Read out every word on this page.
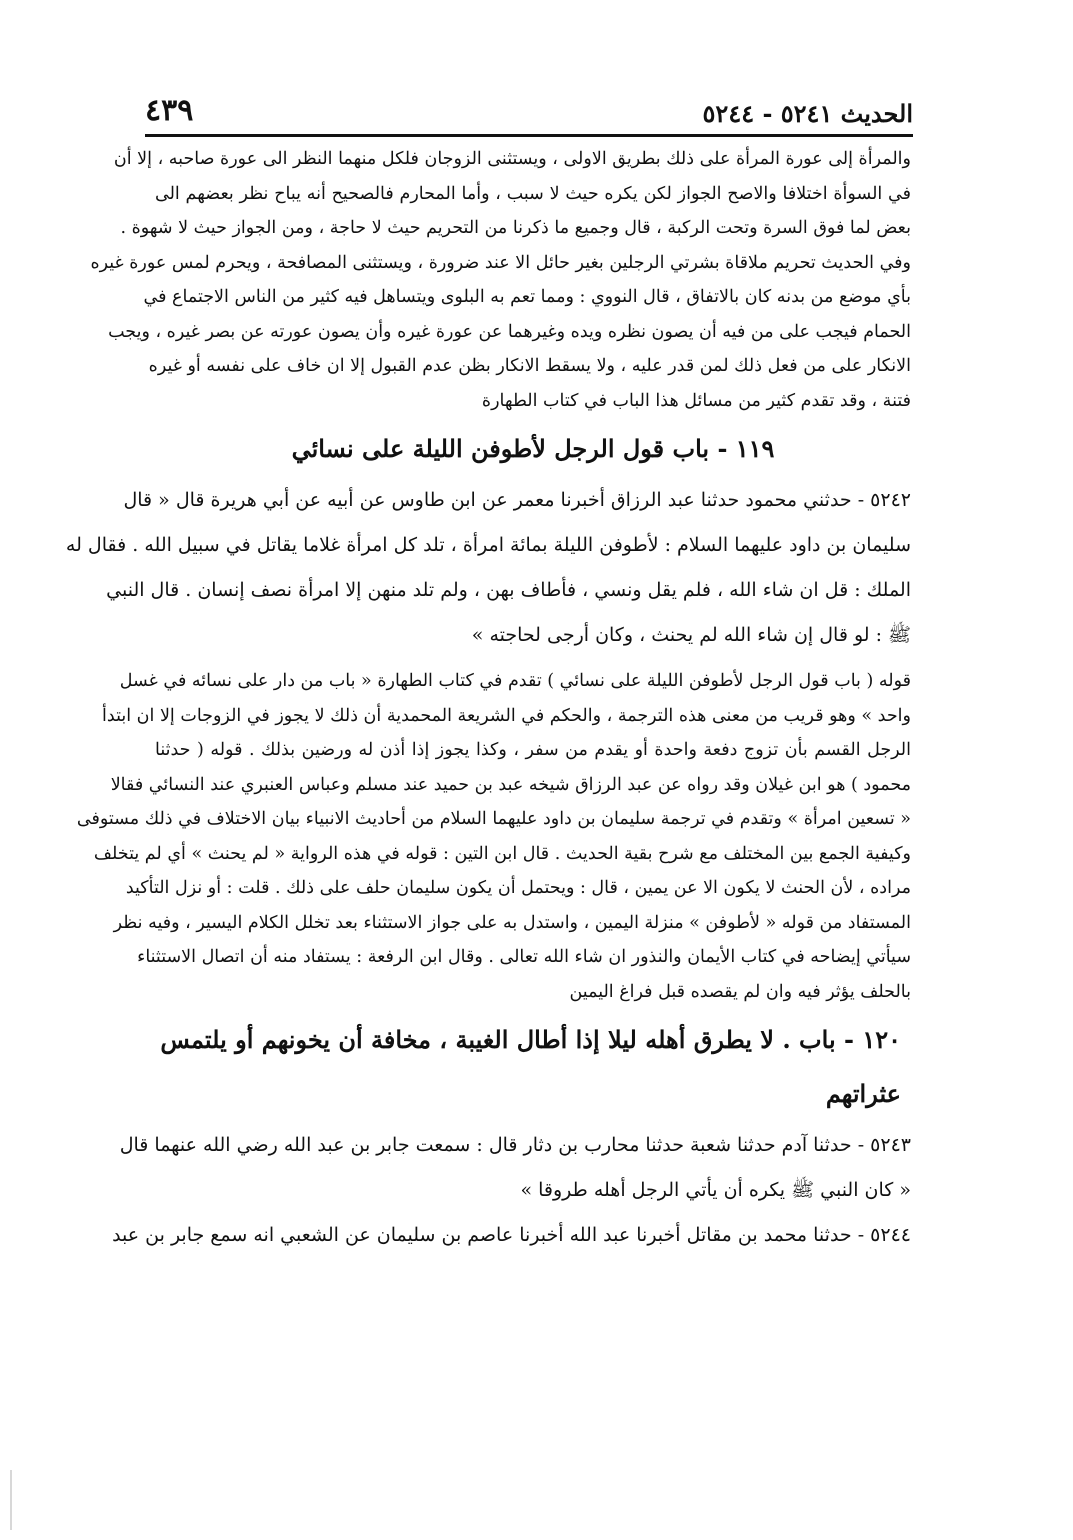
٤٣٩	الحديث ٥٢٤١ - ٥٢٤٤
والمرأة إلى عورة المرأة على ذلك بطريق الاولى ، ويستثنى الزوجان فلكل منهما النظر الى عورة صاحبه ، إلا أن
في السوأة اختلافا والاصح الجواز لكن يكره حيث لا سبب ، وأما المحارم فالصحيح أنه يباح نظر بعضهم الى
بعض لما فوق السرة وتحت الركبة ، قال وجميع ما ذكرنا من التحريم حيث لا حاجة ، ومن الجواز حيث لا شهوة .
وفي الحديث تحريم ملاقاة بشرتي الرجلين بغير حائل الا عند ضرورة ، ويستثنى المصافحة ، ويحرم لمس عورة غيره
بأي موضع من بدنه كان بالاتفاق ، قال النووي : ومما تعم به البلوى ويتساهل فيه كثير من الناس الاجتماع في
الحمام فيجب على من فيه أن يصون نظره ويده وغيرهما عن عورة غيره وأن يصون عورته عن بصر غيره ، ويجب
الانكار على من فعل ذلك لمن قدر عليه ، ولا يسقط الانكار بظن عدم القبول إلا ان خاف على نفسه أو غيره
فتنة ، وقد تقدم كثير من مسائل هذا الباب في كتاب الطهارة
١١٩ - باب قول الرجل لأطوفن الليلة على نسائي
٥٢٤٢ - حدثني محمود حدثنا عبد الرزاق أخبرنا معمر عن ابن طاوس عن أبيه عن أبي هريرة قال « قال
سليمان بن داود عليهما السلام : لأطوفن الليلة بمائة امرأة ، تلد كل امرأة غلاما يقاتل في سبيل الله . فقال له
الملك : قل ان شاء الله ، فلم يقل ونسي ، فأطاف بهن ، ولم تلد منهن إلا امرأة نصف إنسان . قال النبي
ﷺ : لو قال إن شاء الله لم يحنث ، وكان أرجى لحاجته »
قوله ( باب قول الرجل لأطوفن الليلة على نسائي ) تقدم في كتاب الطهارة « باب من دار على نسائه في غسل
واحد » وهو قريب من معنى هذه الترجمة ، والحكم في الشريعة المحمدية أن ذلك لا يجوز في الزوجات إلا ان ابتدأ
الرجل القسم بأن تزوج دفعة واحدة أو يقدم من سفر ، وكذا يجوز إذا أذن له ورضين بذلك . قوله ( حدثنا
محمود ) هو ابن غيلان وقد رواه عن عبد الرزاق شيخه عبد بن حميد عند مسلم وعباس العنبري عند النسائي فقالا
« تسعين امرأة » وتقدم في ترجمة سليمان بن داود عليهما السلام من أحاديث الانبياء بيان الاختلاف في ذلك مستوفى
وكيفية الجمع بين المختلف مع شرح بقية الحديث . قال ابن التين : قوله في هذه الرواية « لم يحنث » أي لم يتخلف
مراده ، لأن الحنث لا يكون الا عن يمين ، قال : ويحتمل أن يكون سليمان حلف على ذلك . قلت : أو نزل التأكيد
المستفاد من قوله « لأطوفن » منزلة اليمين ، واستدل به على جواز الاستثناء بعد تخلل الكلام اليسير ، وفيه نظر
سيأتي إيضاحه في كتاب الأيمان والنذور ان شاء الله تعالى . وقال ابن الرفعة : يستفاد منه أن اتصال الاستثناء
بالحلف يؤثر فيه وان لم يقصده قبل فراغ اليمين
١٢٠ - باب . لا يطرق أهله ليلا إذا أطال الغيبة ، مخافة أن يخونهم أو يلتمس عثراتهم
٥٢٤٣ - حدثنا آدم حدثنا شعبة حدثنا محارب بن دثار قال : سمعت جابر بن عبد الله رضي الله عنهما قال
« كان النبي ﷺ يكره أن يأتي الرجل أهله طروقا »
٥٢٤٤ - حدثنا محمد بن مقاتل أخبرنا عبد الله أخبرنا عاصم بن سليمان عن الشعبي انه سمع جابر بن عبد
